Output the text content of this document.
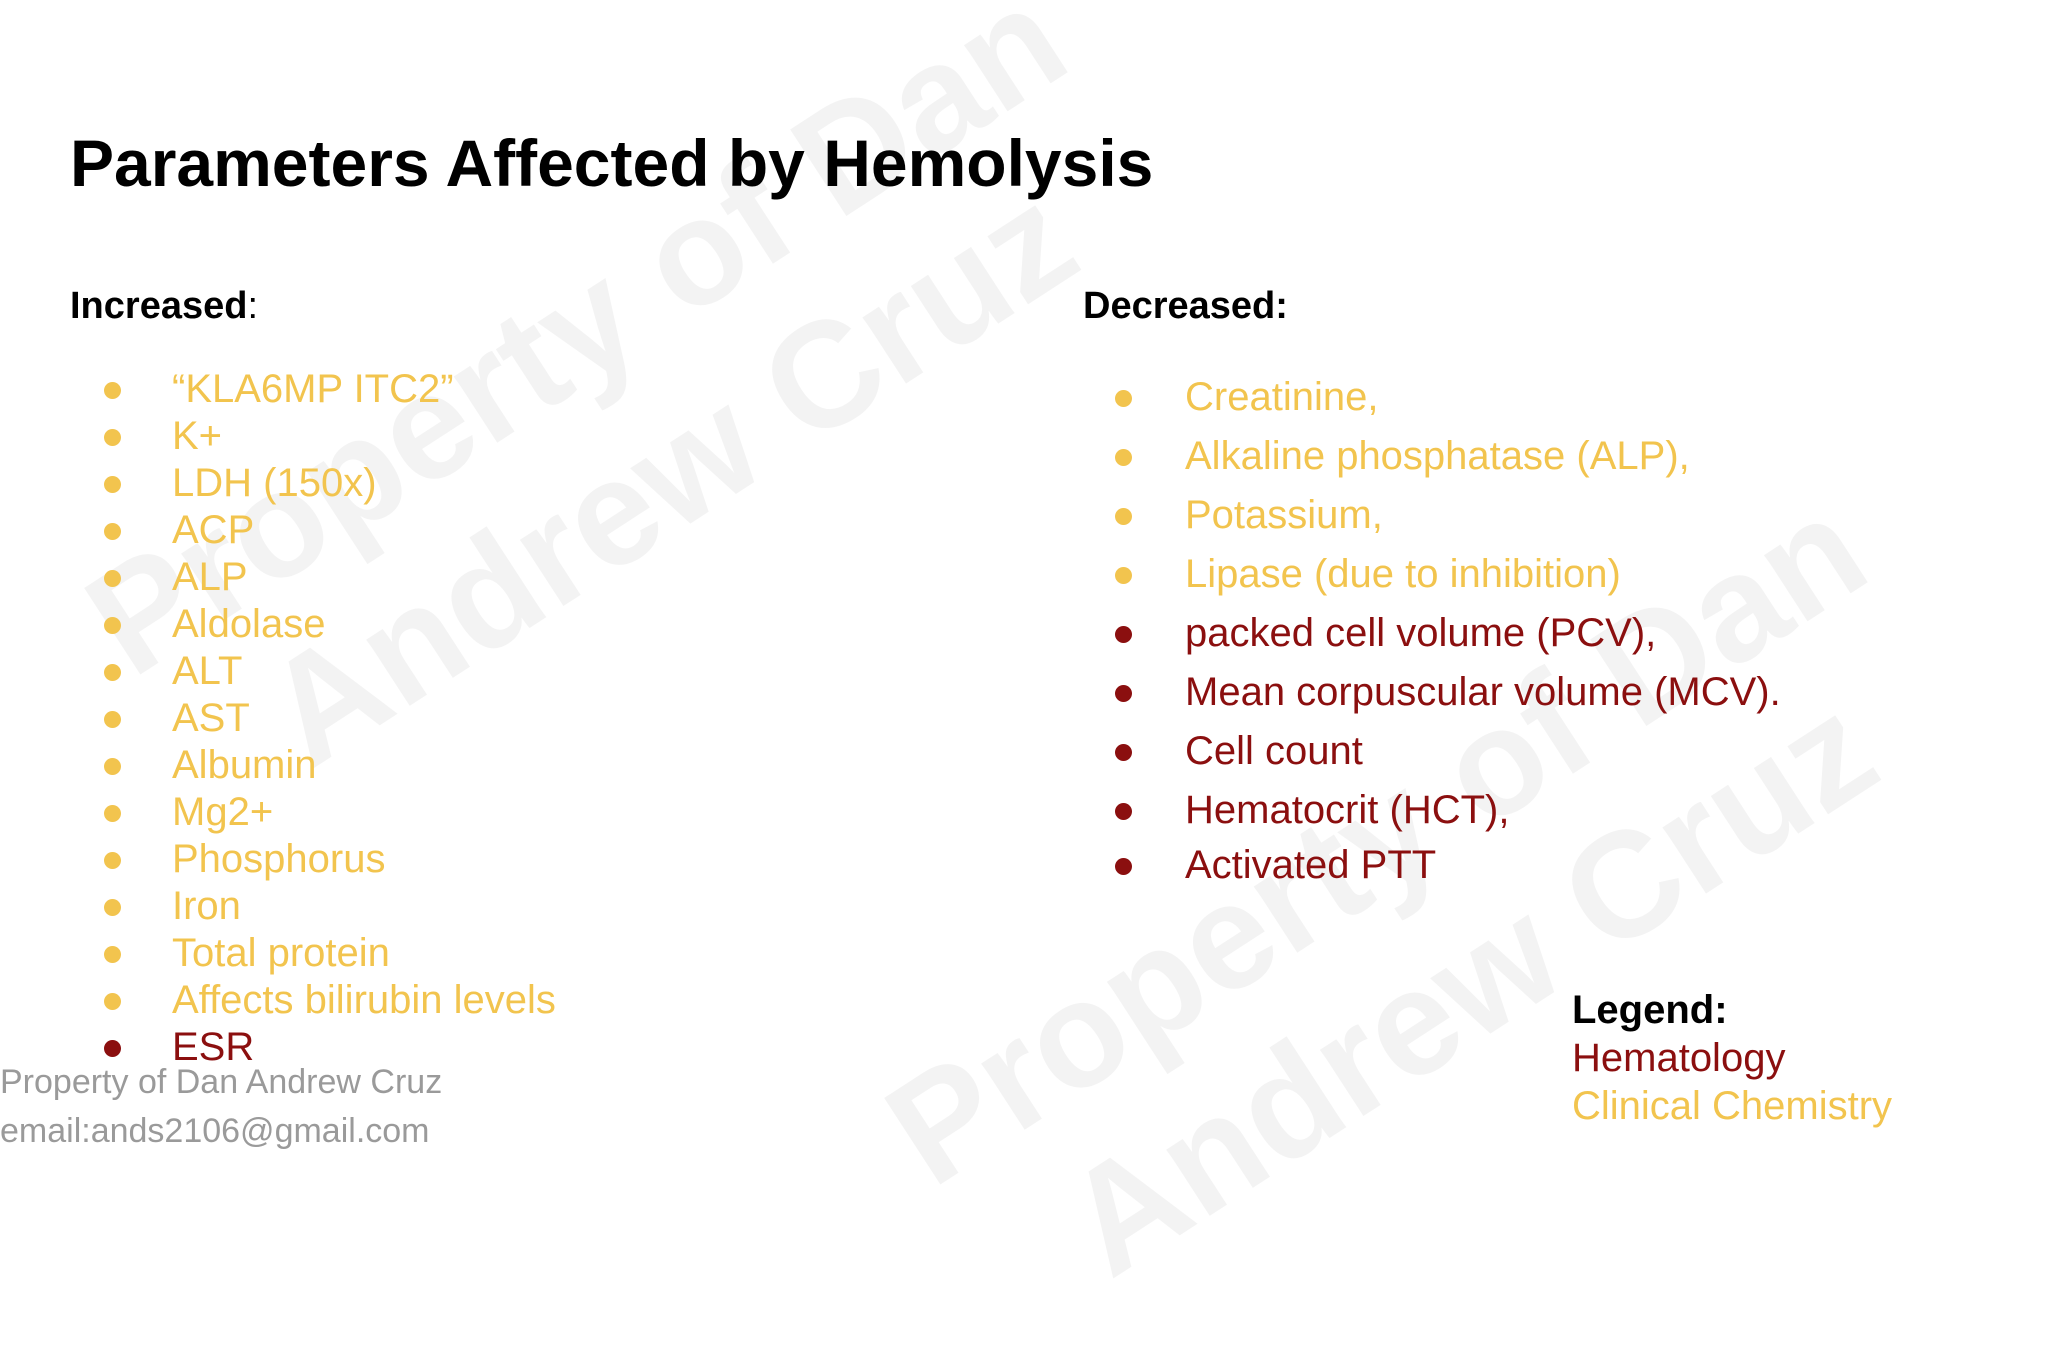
Parameters Affected by Hemolysis
Increased:
“KLA6MP ITC2”
K+
LDH (150x)
ACP
ALP
Aldolase
ALT
AST
Albumin
Mg2+
Phosphorus
Iron
Total protein
Affects bilirubin levels
ESR
Decreased:
Creatinine,
Alkaline phosphatase (ALP),
Potassium,
Lipase (due to inhibition)
packed cell volume (PCV),
Mean corpuscular volume (MCV).
Cell count
Hematocrit (HCT),
Activated PTT
Property of Dan Andrew Cruz
email:ands2106@gmail.com
Legend:
Hematology
Clinical Chemistry
